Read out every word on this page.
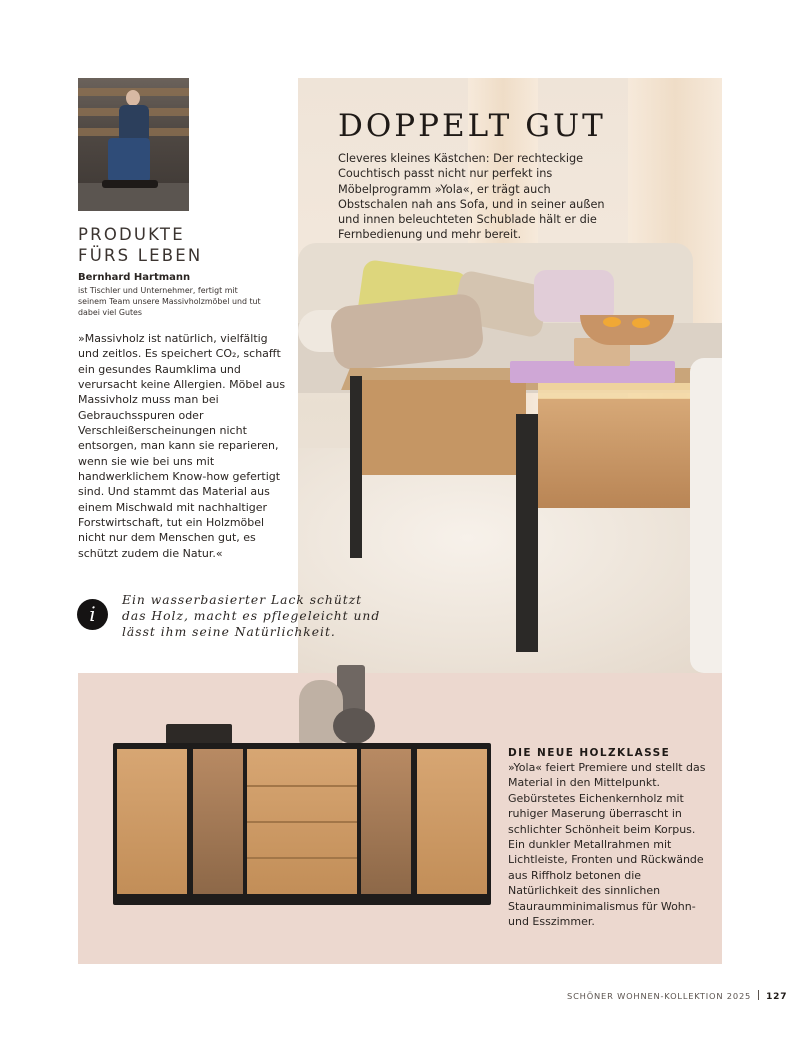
DOPPELT GUT

Cleveres kleines Kästchen: Der rechteckige Couchtisch passt nicht nur perfekt ins Möbelprogramm »Yola«, er trägt auch Obstschalen nah ans Sofa, und in seiner außen und innen beleuchteten Schublade hält er die Fernbedienung und mehr bereit.

PRODUKTE
FÜRS LEBEN

Bernhard Hartmann

ist Tischler und Unternehmer, fertigt mit seinem Team unsere Massivholzmöbel und tut dabei viel Gutes

»Massivholz ist natürlich, vielfältig und zeitlos. Es speichert CO₂, schafft ein gesundes Raumklima und verursacht keine Allergien. Möbel aus Massivholz muss man bei Gebrauchsspuren oder Verschleißerscheinungen nicht entsorgen, man kann sie reparieren, wenn sie wie bei uns mit handwerklichem Know-how gefertigt sind. Und stammt das Material aus einem Mischwald mit nachhaltiger Forstwirtschaft, tut ein Holzmöbel nicht nur dem Menschen gut, es schützt zudem die Natur.«

i

Ein wasserbasierter Lack schützt das Holz, macht es pflegeleicht und lässt ihm seine Natürlichkeit.

DIE NEUE HOLZKLASSE

»Yola« feiert Premiere und stellt das Material in den Mittelpunkt. Gebürstetes Eichenkernholz mit ruhiger Maserung überrascht in schlichter Schönheit beim Korpus. Ein dunkler Metallrahmen mit Lichtleiste, Fronten und Rückwände aus Riffholz betonen die Natürlichkeit des sinnlichen Stauraumminimalismus für Wohn- und Esszimmer.

SCHÖNER WOHNEN-KOLLEKTION 2025 127
